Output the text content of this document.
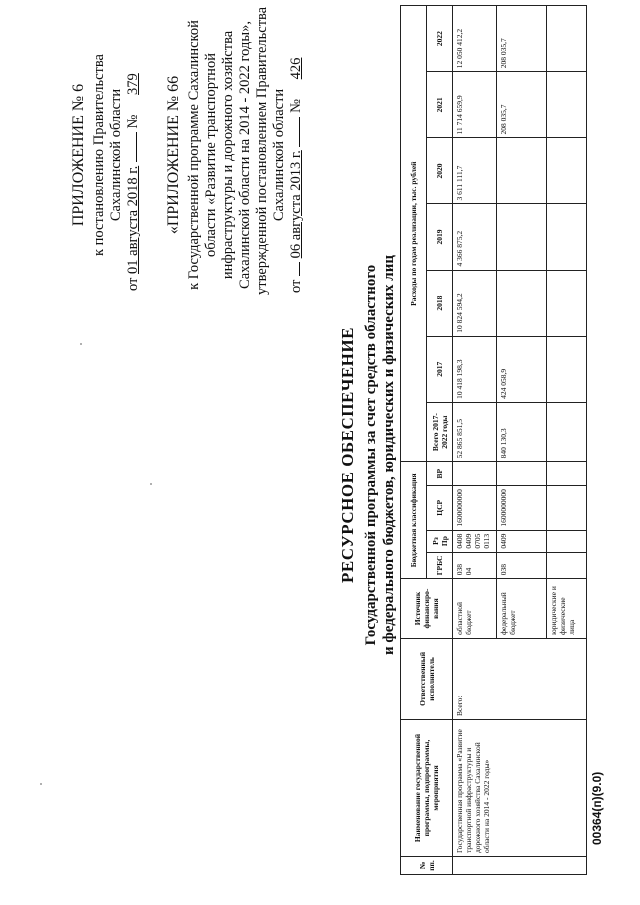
ПРИЛОЖЕНИЕ № 6 к постановлению Правительства Сахалинской области
от 01 августа 2018 г.  № 379 «ПРИЛОЖЕНИЕ № 66 к Государственной программе Сахалинской области «Развитие транспортной инфраструктуры и дорожного хозяйства Сахалинской области на 2014 - 2022 годы», утвержденной постановлением Правительства Сахалинской области
от  06 августа 2013 г.  № 426
РЕСУРСНОЕ ОБЕСПЕЧЕНИЕ Государственной программы за счет средств областного и федерального бюджетов, юридических и физических лиц
№ пп.	Наименование государственной программы, подпрограммы, мероприятия	Ответственный исполнитель	Источник финансиро-вания	Бюджетная классификация				Расходы по годам реализации, тыс. рублей						
				ГРБС	Рз Пр	ЦСР	ВР	Всего 2017-2022 годы	2017	2018	2019	2020	2021	2022
	Государственная программа «Развитие транспортной инфраструктуры и дорожного хозяйства Сахалинской области на 2014 - 2022 годы»	Всего:	областной бюджет	038 04	0408 0409 0705 0113	1600000000		52 865 851,5	10 418 198,3	10 824 594,2	4 366 875,2	3 611 111,7	11 714 659,9	12 050 412,2
			федеральный бюджет	038	0409	1600000000		840 130,3	424 058,9				208 035,7	208 035,7
			юридические и физические лица											
00364(п)(9.0)
